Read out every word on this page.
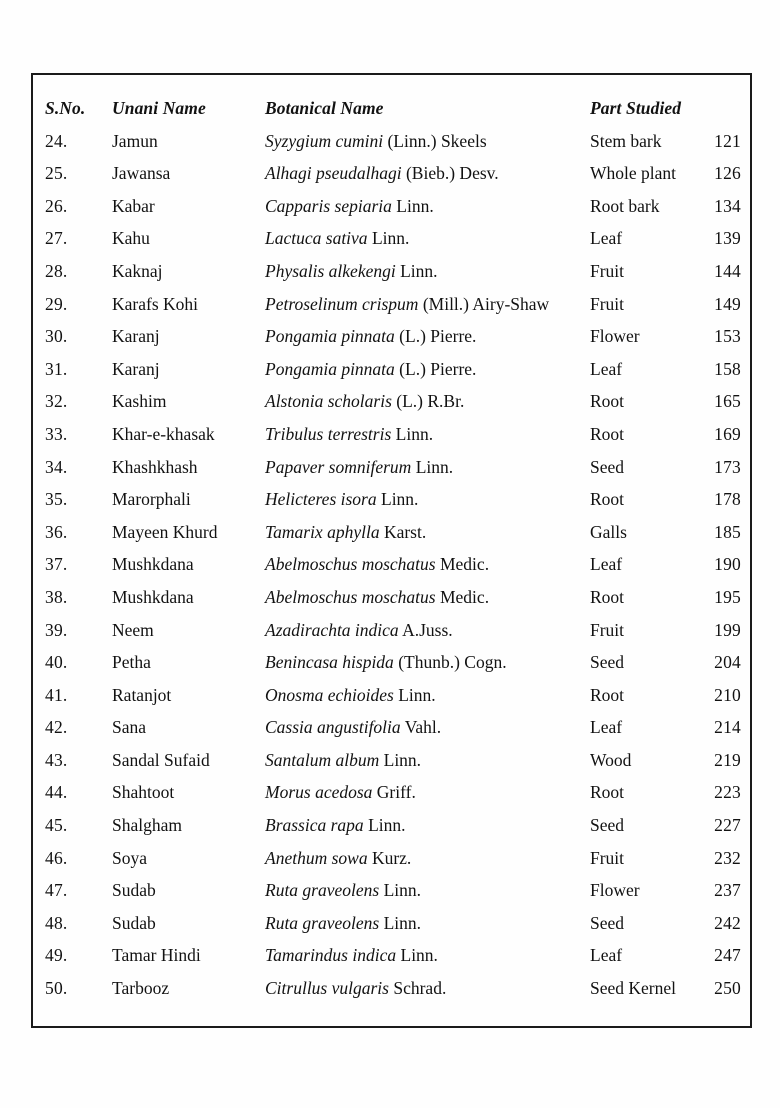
S.No.	Unani Name	Botanical Name	Part Studied	
24.	Jamun	Syzygium cumini (Linn.) Skeels	Stem bark	121
25.	Jawansa	Alhagi pseudalhagi (Bieb.) Desv.	Whole plant	126
26.	Kabar	Capparis sepiaria Linn.	Root bark	134
27.	Kahu	Lactuca sativa Linn.	Leaf	139
28.	Kaknaj	Physalis alkekengi Linn.	Fruit	144
29.	Karafs Kohi	Petroselinum crispum (Mill.) Airy-Shaw	Fruit	149
30.	Karanj	Pongamia pinnata (L.) Pierre.	Flower	153
31.	Karanj	Pongamia pinnata (L.) Pierre.	Leaf	158
32.	Kashim	Alstonia scholaris (L.) R.Br.	Root	165
33.	Khar-e-khasak	Tribulus terrestris Linn.	Root	169
34.	Khashkhash	Papaver somniferum Linn.	Seed	173
35.	Marorphali	Helicteres isora Linn.	Root	178
36.	Mayeen Khurd	Tamarix aphylla Karst.	Galls	185
37.	Mushkdana	Abelmoschus moschatus Medic.	Leaf	190
38.	Mushkdana	Abelmoschus moschatus Medic.	Root	195
39.	Neem	Azadirachta indica A.Juss.	Fruit	199
40.	Petha	Benincasa hispida (Thunb.) Cogn.	Seed	204
41.	Ratanjot	Onosma echioides Linn.	Root	210
42.	Sana	Cassia angustifolia Vahl.	Leaf	214
43.	Sandal Sufaid	Santalum album Linn.	Wood	219
44.	Shahtoot	Morus acedosa Griff.	Root	223
45.	Shalgham	Brassica rapa Linn.	Seed	227
46.	Soya	Anethum sowa Kurz.	Fruit	232
47.	Sudab	Ruta graveolens Linn.	Flower	237
48.	Sudab	Ruta graveolens Linn.	Seed	242
49.	Tamar Hindi	Tamarindus indica Linn.	Leaf	247
50.	Tarbooz	Citrullus vulgaris Schrad.	Seed Kernel	250
